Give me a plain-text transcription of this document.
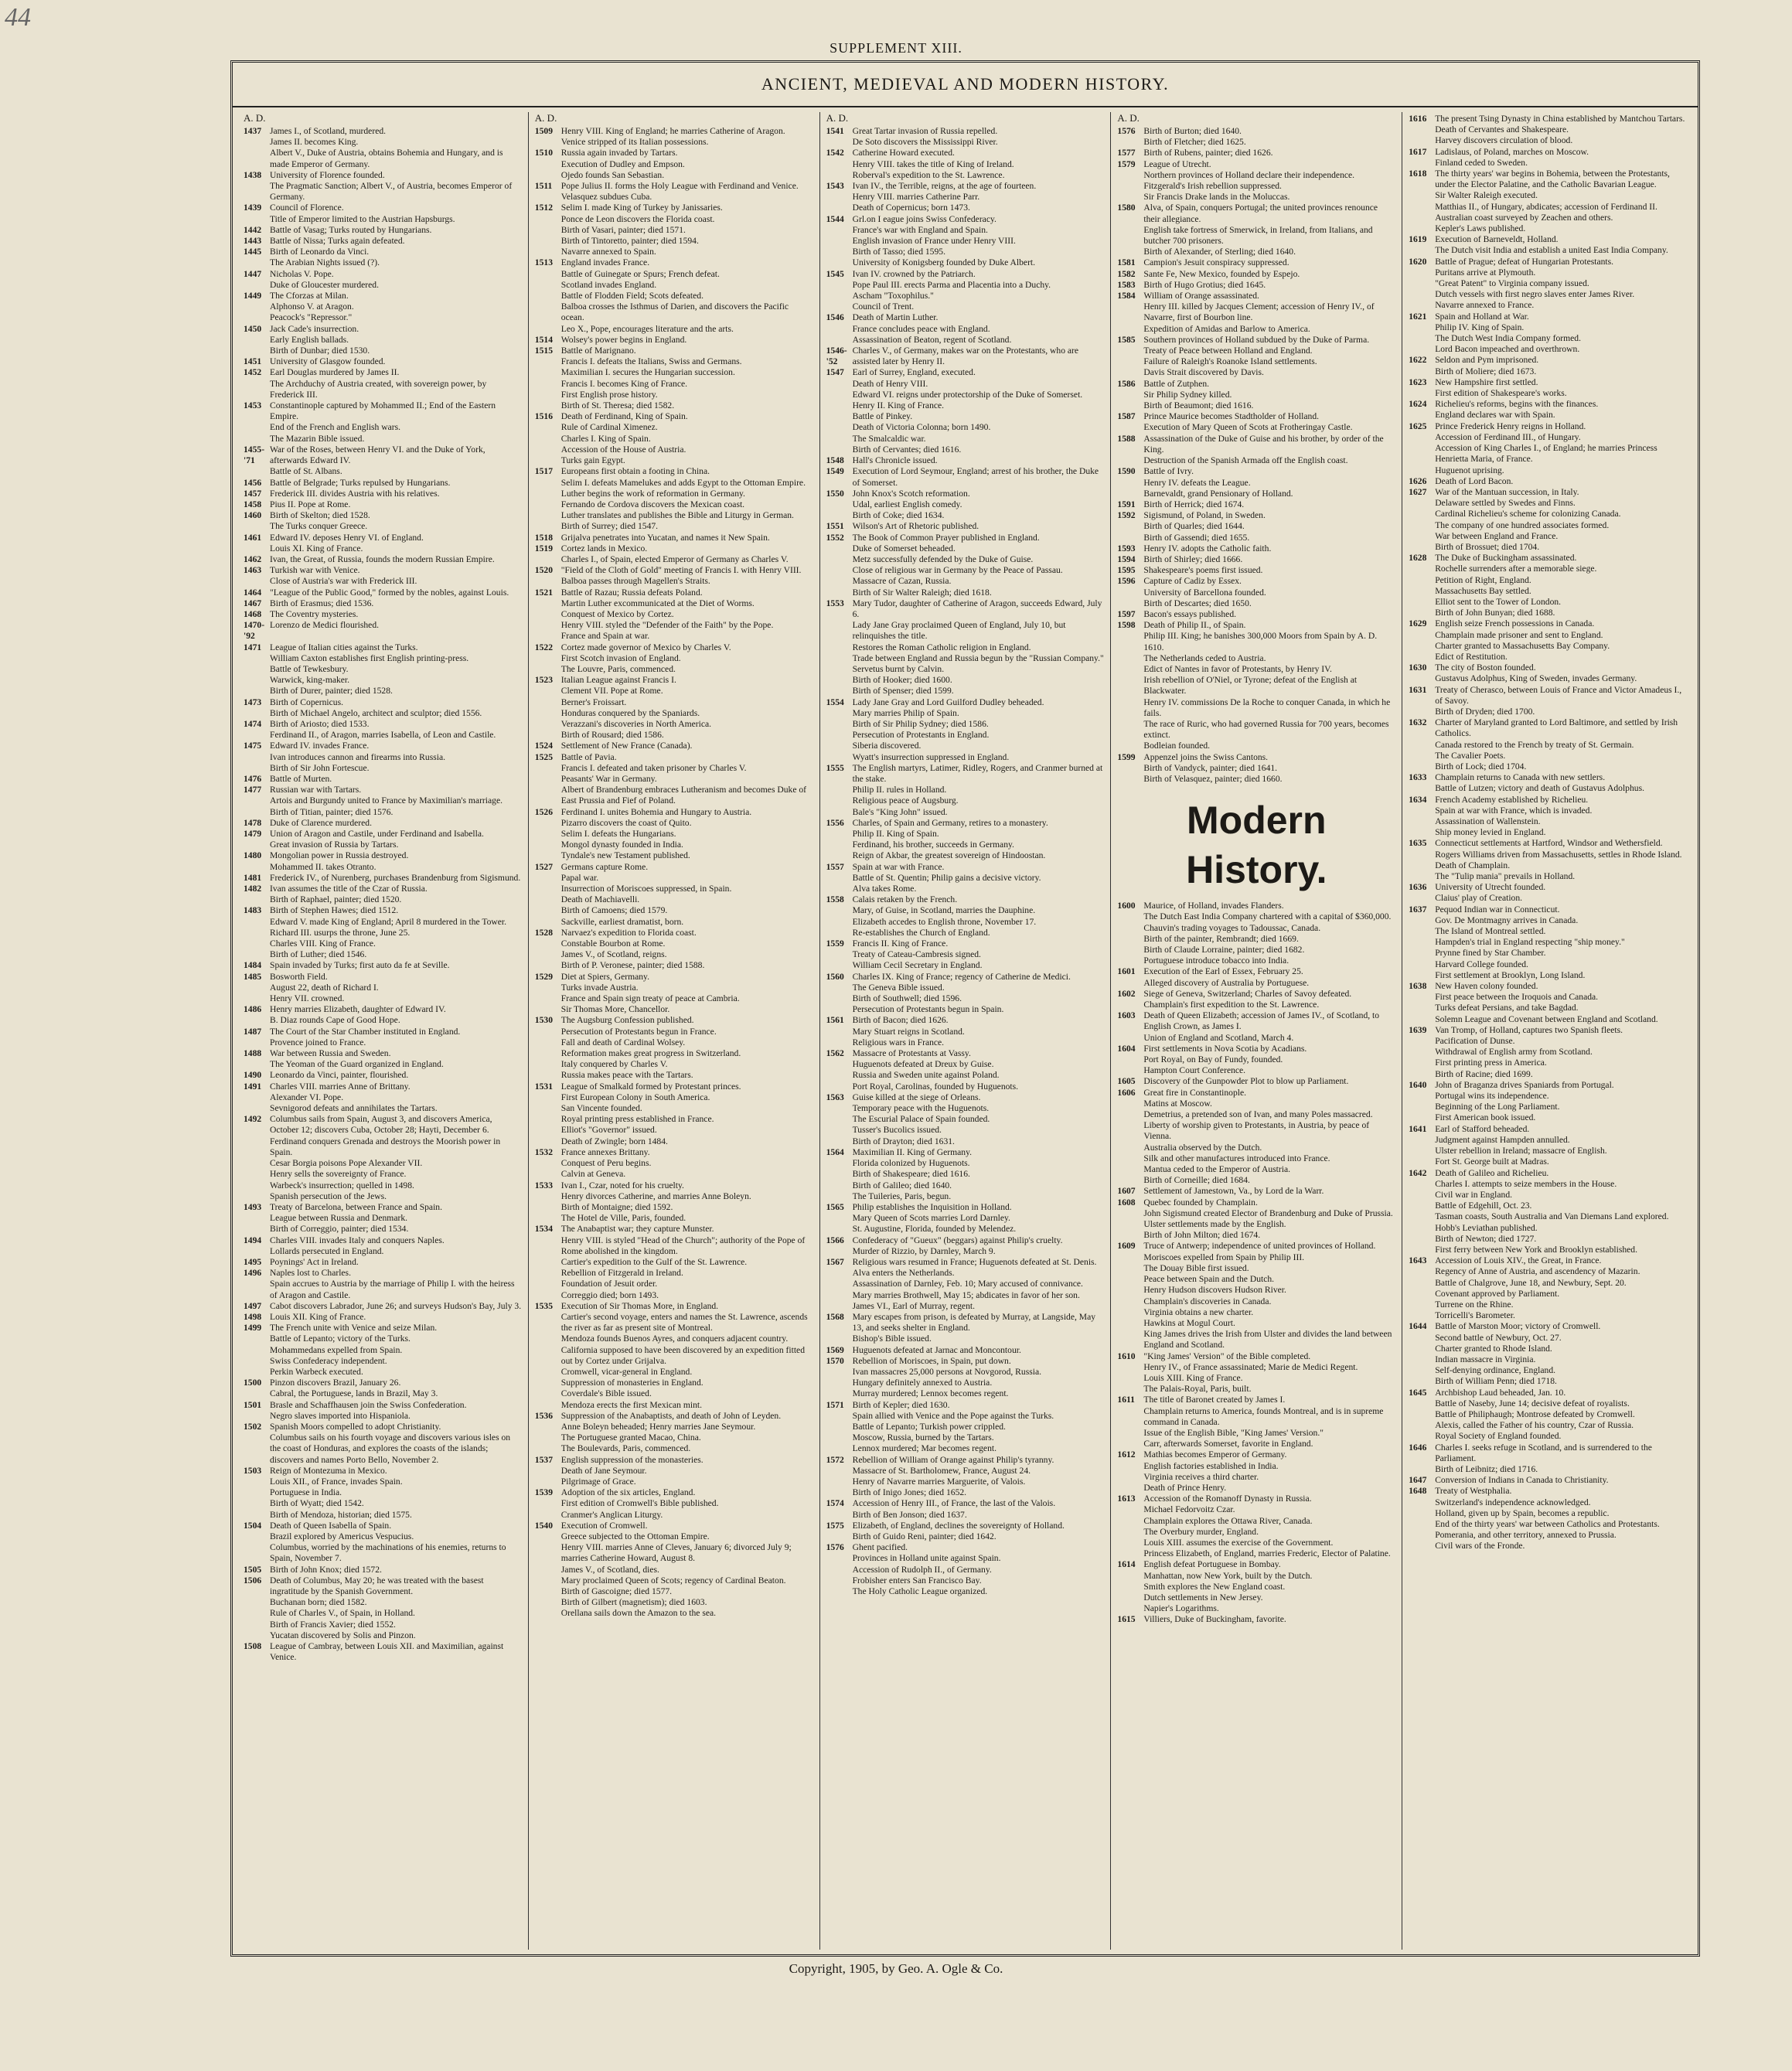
44
SUPPLEMENT XIII.
ANCIENT, MEDIEVAL AND MODERN HISTORY.
A. D.
1437 James I., of Scotland, murdered.
James II. becomes King.
Albert V., Duke of Austria, obtains Bohemia and Hungary, and is made Emperor of Germany.
1438 University of Florence founded.
The Pragmatic Sanction; Albert V., of Austria, becomes Emperor of Germany.
1439 Council of Florence.
Title of Emperor limited to the Austrian Hapsburgs.
1442 Battle of Vasag; Turks routed by Hungarians.
1443 Battle of Nissa; Turks again defeated.
1445 Birth of Leonardo da Vinci.
The Arabian Nights issued (?).
1447 Nicholas V. Pope.
Duke of Gloucester murdered.
1449 The Cforzas at Milan.
Alphonso V. at Aragon.
Peacock's "Repressor."
1450 Jack Cade's insurrection.
Early English ballads.
Birth of Dunbar; died 1530.
1451 University of Glasgow founded.
1452 Earl Douglas murdered by James II.
The Archduchy of Austria created, with sovereign power, by Frederick III.
1453 Constantinople captured by Mohammed II.; End of the Eastern Empire.
End of the French and English wars.
The Mazarin Bible issued.
1455-'71
War of the Roses, between Henry VI. and the Duke of York, afterwards Edward IV.
Battle of St. Albans.
1456 Battle of Belgrade; Turks repulsed by Hungarians.
1457 Frederick III. divides Austria with his relatives.
1458 Pius II. Pope at Rome.
1460 Birth of Skelton; died 1528.
The Turks conquer Greece.
1461 Edward IV. deposes Henry VI. of England.
Louis XI. King of France.
1462 Ivan, the Great, of Russia, founds the modern Russian Empire.
1463 Turkish war with Venice.
Close of Austria's war with Frederick III.
1464 "League of the Public Good," formed by the nobles, against Louis.
1467 Birth of Erasmus; died 1536.
1468 The Coventry mysteries.
1470-'92
Lorenzo de Medici flourished.
1471 League of Italian cities against the Turks.
William Caxton establishes first English printing-press.
Battle of Tewkesbury.
Warwick, king-maker.
Birth of Durer, painter; died 1528.
1473 Birth of Copernicus.
Birth of Michael Angelo, architect and sculptor; died 1556.
1474 Birth of Ariosto; died 1533.
Ferdinand II., of Aragon, marries Isabella, of Leon and Castile.
1475 Edward IV. invades France.
Ivan introduces cannon and firearms into Russia.
Birth of Sir John Fortescue.
1476 Battle of Murten.
1477 Russian war with Tartars.
Artois and Burgundy united to France by Maximilian's marriage.
Birth of Titian, painter; died 1576.
1478 Duke of Clarence murdered.
1479 Union of Aragon and Castile, under Ferdinand and Isabella.
Great invasion of Russia by Tartars.
1480 Mongolian power in Russia destroyed.
Mohammed II. takes Otranto.
1481 Frederick IV., of Nurenberg, purchases Brandenburg from Sigismund.
1482 Ivan assumes the title of the Czar of Russia.
Birth of Raphael, painter; died 1520.
1483 Birth of Stephen Hawes; died 1512.
Edward V. made King of England; April 8 murdered in the Tower.
Richard III. usurps the throne, June 25.
Charles VIII. King of France.
Birth of Luther; died 1546.
1484 Spain invaded by Turks; first auto da fe at Seville.
1485 Bosworth Field.
August 22, death of Richard I.
Henry VII. crowned.
1486 Henry marries Elizabeth, daughter of Edward IV.
B. Diaz rounds Cape of Good Hope.
1487 The Court of the Star Chamber instituted in England.
Provence joined to France.
1488 War between Russia and Sweden.
The Yeoman of the Guard organized in England.
1490 Leonardo da Vinci, painter, flourished.
1491 Charles VIII. marries Anne of Brittany.
Alexander VI. Pope.
Sevnigorod defeats and annihilates the Tartars.
1492 Columbus sails from Spain, August 3, and discovers America, October 12; discovers Cuba, October 28; Hayti, December 6.
Ferdinand conquers Grenada and destroys the Moorish power in Spain.
Cesar Borgia poisons Pope Alexander VII.
Henry sells the sovereignty of France.
Warbeck's insurrection; quelled in 1498.
Spanish persecution of the Jews.
1493 Treaty of Barcelona, between France and Spain.
League between Russia and Denmark.
Birth of Correggio, painter; died 1534.
1494 Charles VIII. invades Italy and conquers Naples.
Lollards persecuted in England.
1495 Poynings' Act in Ireland.
1496 Naples lost to Charles.
Spain accrues to Austria by the marriage of Philip I. with the heiress of Aragon and Castile.
1497 Cabot discovers Labrador, June 26; and surveys Hudson's Bay, July 3.
1498 Louis XII. King of France.
1499 The French unite with Venice and seize Milan.
Battle of Lepanto; victory of the Turks.
Mohammedans expelled from Spain.
Swiss Confederacy independent.
Perkin Warbeck executed.
1500 Pinzon discovers Brazil, January 26.
Cabral, the Portuguese, lands in Brazil, May 3.
1501 Brasle and Schaffhausen join the Swiss Confederation.
Negro slaves imported into Hispaniola.
1502 Spanish Moors compelled to adopt Christianity.
Columbus sails on his fourth voyage and discovers various isles on the coast of Honduras, and explores the coasts of the islands; discovers and names Porto Bello, November 2.
1503 Reign of Montezuma in Mexico.
Louis XII., of France, invades Spain.
Portuguese in India.
Birth of Wyatt; died 1542.
Birth of Mendoza, historian; died 1575.
1504 Death of Queen Isabella of Spain.
Brazil explored by Americus Vespucius.
Columbus, worried by the machinations of his enemies, returns to Spain, November 7.
1505 Birth of John Knox; died 1572.
1506 Death of Columbus, May 20; he was treated with the basest ingratitude by the Spanish Government.
Buchanan born; died 1582.
Rule of Charles V., of Spain, in Holland.
Birth of Francis Xavier; died 1552.
Yucatan discovered by Solis and Pinzon.
1508 League of Cambray, between Louis XII. and Maximilian, against Venice.
A. D.
1509 Henry VIII. King of England; he marries Catherine of Aragon.
Venice stripped of its Italian possessions.
1510 Russia again invaded by Tartars.
Execution of Dudley and Empson.
Ojedo founds San Sebastian.
1511 Pope Julius II. forms the Holy League with Ferdinand and Venice.
Velasquez subdues Cuba.
1512 Selim I. made King of Turkey by Janissaries.
Ponce de Leon discovers the Florida coast.
Birth of Vasari, painter; died 1571.
Birth of Tintoretto, painter; died 1594.
Navarre annexed to Spain.
1513 England invades France.
Battle of Guinegate or Spurs; French defeat.
Scotland invades England.
Battle of Flodden Field; Scots defeated.
Balboa crosses the Isthmus of Darien, and discovers the Pacific ocean.
Leo X., Pope, encourages literature and the arts.
1514 Wolsey's power begins in England.
1515 Battle of Marignano.
Francis I. defeats the Italians, Swiss and Germans.
Maximilian I. secures the Hungarian succession.
Francis I. becomes King of France.
First English prose history.
Birth of St. Theresa; died 1582.
1516 Death of Ferdinand, King of Spain.
Rule of Cardinal Ximenez.
Charles I. King of Spain.
Accession of the House of Austria.
Turks gain Egypt.
1517 Europeans first obtain a footing in China.
Selim I. defeats Mamelukes and adds Egypt to the Ottoman Empire.
Luther begins the work of reformation in Germany.
Fernando de Cordova discovers the Mexican coast.
Luther translates and publishes the Bible and Liturgy in German.
Birth of Surrey; died 1547.
1518 Grijalva penetrates into Yucatan, and names it New Spain.
1519 Cortez lands in Mexico.
Charles I., of Spain, elected Emperor of Germany as Charles V.
1520 "Field of the Cloth of Gold" meeting of Francis I. with Henry VIII.
Balboa passes through Magellen's Straits.
1521 Battle of Razau; Russia defeats Poland.
Martin Luther excommunicated at the Diet of Worms.
Conquest of Mexico by Cortez.
Henry VIII. styled the "Defender of the Faith" by the Pope.
France and Spain at war.
1522 Cortez made governor of Mexico by Charles V.
First Scotch invasion of England.
The Louvre, Paris, commenced.
1523 Italian League against Francis I.
Clement VII. Pope at Rome.
Berner's Froissart.
Honduras conquered by the Spaniards.
Verazzani's discoveries in North America.
Birth of Rousard; died 1586.
1524 Settlement of New France (Canada).
1525 Battle of Pavia.
Francis I. defeated and taken prisoner by Charles V.
Peasants' War in Germany.
Albert of Brandenburg embraces Lutheranism and becomes Duke of East Prussia and Fief of Poland.
1526 Ferdinand I. unites Bohemia and Hungary to Austria.
Pizarro discovers the coast of Quito.
Selim I. defeats the Hungarians.
Mongol dynasty founded in India.
Tyndale's new Testament published.
1527 Germans capture Rome.
Papal war.
Insurrection of Moriscoes suppressed, in Spain.
Death of Machiavelli.
Birth of Camoens; died 1579.
Sackville, earliest dramatist, born.
1528 Narvaez's expedition to Florida coast.
Constable Bourbon at Rome.
James V., of Scotland, reigns.
Birth of P. Veronese, painter; died 1588.
1529 Diet at Spiers, Germany.
Turks invade Austria.
France and Spain sign treaty of peace at Cambria.
Sir Thomas More, Chancellor.
1530 The Augsburg Confession published.
Persecution of Protestants begun in France.
Fall and death of Cardinal Wolsey.
Reformation makes great progress in Switzerland.
Italy conquered by Charles V.
Russia makes peace with the Tartars.
1531 League of Smalkald formed by Protestant princes.
First European Colony in South America.
San Vincente founded.
Royal printing press established in France.
Elliot's "Governor" issued.
Death of Zwingle; born 1484.
1532 France annexes Brittany.
Conquest of Peru begins.
Calvin at Geneva.
1533 Ivan I., Czar, noted for his cruelty.
Henry divorces Catherine, and marries Anne Boleyn.
Birth of Montaigne; died 1592.
The Hotel de Ville, Paris, founded.
1534 The Anabaptist war; they capture Munster.
Henry VIII. is styled "Head of the Church"; authority of the Pope of Rome abolished in the kingdom.
Cartier's expedition to the Gulf of the St. Lawrence.
Rebellion of Fitzgerald in Ireland.
Foundation of Jesuit order.
Correggio died; born 1493.
1535 Execution of Sir Thomas More, in England.
Cartier's second voyage, enters and names the St. Lawrence, ascends the river as far as present site of Montreal.
Mendoza founds Buenos Ayres, and conquers adjacent country.
California supposed to have been discovered by an expedition fitted out by Cortez under Grijalva.
Cromwell, vicar-general in England.
Suppression of monasteries in England.
Coverdale's Bible issued.
Mendoza erects the first Mexican mint.
1536 Suppression of the Anabaptists, and death of John of Leyden.
Anne Boleyn beheaded; Henry marries Jane Seymour.
The Portuguese granted Macao, China.
The Boulevards, Paris, commenced.
1537 English suppression of the monasteries.
Death of Jane Seymour.
Pilgrimage of Grace.
1539 Adoption of the six articles, England.
First edition of Cromwell's Bible published.
Cranmer's Anglican Liturgy.
1540 Execution of Cromwell.
Greece subjected to the Ottoman Empire.
Henry VIII. marries Anne of Cleves, January 6; divorced July 9; marries Catherine Howard, August 8.
James V., of Scotland, dies.
Mary proclaimed Queen of Scots; regency of Cardinal Beaton.
Birth of Gascoigne; died 1577.
Birth of Gilbert (magnetism); died 1603.
Orellana sails down the Amazon to the sea.
A. D.
1541 Great Tartar invasion of Russia repelled.
De Soto discovers the Mississippi River.
1542 Catherine Howard executed.
Henry VIII. takes the title of King of Ireland.
Roberval's expedition to the St. Lawrence.
1543 Ivan IV., the Terrible, reigns, at the age of fourteen.
Henry VIII. marries Catherine Parr.
Death of Copernicus; born 1473.
1544 Grl.on I eague joins Swiss Confederacy.
France's war with England and Spain.
English invasion of France under Henry VIII.
Birth of Tasso; died 1595.
University of Konigsberg founded by Duke Albert.
1545 Ivan IV. crowned by the Patriarch.
Pope Paul III. erects Parma and Placentia into a Duchy.
Ascham "Toxophilus."
Council of Trent.
1546 Death of Martin Luther.
France concludes peace with England.
Assassination of Beaton, regent of Scotland.
1546-'52
Charles V., of Germany, makes war on the Protestants, who are assisted later by Henry II.
1547 Earl of Surrey, England, executed.
Death of Henry VIII.
Edward VI. reigns under protectorship of the Duke of Somerset.
Henry II. King of France.
Battle of Pinkey.
Death of Victoria Colonna; born 1490.
The Smalcaldic war.
Birth of Cervantes; died 1616.
1548 Hall's Chronicle issued.
1549 Execution of Lord Seymour, England; arrest of his brother, the Duke of Somerset.
1550 John Knox's Scotch reformation.
Udal, earliest English comedy.
Birth of Coke; died 1634.
1551 Wilson's Art of Rhetoric published.
1552 The Book of Common Prayer published in England.
Duke of Somerset beheaded.
Metz successfully defended by the Duke of Guise.
Close of religious war in Germany by the Peace of Passau.
Massacre of Cazan, Russia.
Birth of Sir Walter Raleigh; died 1618.
1553 Mary Tudor, daughter of Catherine of Aragon, succeeds Edward, July 6.
Lady Jane Gray proclaimed Queen of England, July 10, but relinquishes the title.
Restores the Roman Catholic religion in England.
Trade between England and Russia begun by the "Russian Company."
Servetus burnt by Calvin.
Birth of Hooker; died 1600.
Birth of Spenser; died 1599.
1554 Lady Jane Gray and Lord Guilford Dudley beheaded.
Mary marries Philip of Spain.
Birth of Sir Philip Sydney; died 1586.
Persecution of Protestants in England.
Siberia discovered.
Wyatt's insurrection suppressed in England.
1555 The English martyrs, Latimer, Ridley, Rogers, and Cranmer burned at the stake.
Philip II. rules in Holland.
Religious peace of Augsburg.
Bale's "King John" issued.
1556 Charles, of Spain and Germany, retires to a monastery.
Philip II. King of Spain.
Ferdinand, his brother, succeeds in Germany.
Reign of Akbar, the greatest sovereign of Hindoostan.
1557 Spain at war with France.
Battle of St. Quentin; Philip gains a decisive victory.
Alva takes Rome.
1558 Calais retaken by the French.
Mary, of Guise, in Scotland, marries the Dauphine.
Elizabeth accedes to English throne, November 17.
Re-establishes the Church of England.
1559 Francis II. King of France.
Treaty of Cateau-Cambresis signed.
William Cecil Secretary in England.
1560 Charles IX. King of France; regency of Catherine de Medici.
The Geneva Bible issued.
Birth of Southwell; died 1596.
Persecution of Protestants begun in Spain.
1561 Birth of Bacon; died 1626.
Mary Stuart reigns in Scotland.
Religious wars in France.
1562 Massacre of Protestants at Vassy.
Huguenots defeated at Dreux by Guise.
Russia and Sweden unite against Poland.
Port Royal, Carolinas, founded by Huguenots.
1563 Guise killed at the siege of Orleans.
Temporary peace with the Huguenots.
The Escurial Palace of Spain founded.
Tusser's Bucolics issued.
Birth of Drayton; died 1631.
1564 Maximilian II. King of Germany.
Florida colonized by Huguenots.
Birth of Shakespeare; died 1616.
Birth of Galileo; died 1640.
The Tuileries, Paris, begun.
1565 Philip establishes the Inquisition in Holland.
Mary Queen of Scots marries Lord Darnley.
St. Augustine, Florida, founded by Melendez.
1566 Confederacy of "Gueux" (beggars) against Philip's cruelty.
Murder of Rizzio, by Darnley, March 9.
1567 Religious wars resumed in France; Huguenots defeated at St. Denis.
Alva enters the Netherlands.
Assassination of Darnley, Feb. 10; Mary accused of connivance.
Mary marries Brothwell, May 15; abdicates in favor of her son.
James VI., Earl of Murray, regent.
1568 Mary escapes from prison, is defeated by Murray, at Langside, May 13, and seeks shelter in England.
Bishop's Bible issued.
1569 Huguenots defeated at Jarnac and Moncontour.
1570 Rebellion of Moriscoes, in Spain, put down.
Ivan massacres 25,000 persons at Novgorod, Russia.
Hungary definitely annexed to Austria.
Murray murdered; Lennox becomes regent.
1571 Birth of Kepler; died 1630.
Spain allied with Venice and the Pope against the Turks.
Battle of Lepanto; Turkish power crippled.
Moscow, Russia, burned by the Tartars.
Lennox murdered; Mar becomes regent.
1572 Rebellion of William of Orange against Philip's tyranny.
Massacre of St. Bartholomew, France, August 24.
Henry of Navarre marries Marguerite, of Valois.
Birth of Inigo Jones; died 1652.
1574 Accession of Henry III., of France, the last of the Valois.
Birth of Ben Jonson; died 1637.
1575 Elizabeth, of England, declines the sovereignty of Holland.
Birth of Guido Reni, painter; died 1642.
1576 Ghent pacified.
Provinces in Holland unite against Spain.
Accession of Rudolph II., of Germany.
Frobisher enters San Francisco Bay.
The Holy Catholic League organized.
A. D.
1576 Birth of Burton; died 1640.
Birth of Fletcher; died 1625.
1577 Birth of Rubens, painter; died 1626.
1579 League of Utrecht.
Northern provinces of Holland declare their independence.
Fitzgerald's Irish rebellion suppressed.
Sir Francis Drake lands in the Moluccas.
1580 Alva, of Spain, conquers Portugal; the united provinces renounce their allegiance.
English take fortress of Smerwick, in Ireland, from Italians, and butcher 700 prisoners.
Birth of Alexander, of Sterling; died 1640.
1581 Campion's Jesuit conspiracy suppressed.
1582 Sante Fe, New Mexico, founded by Espejo.
1583 Birth of Hugo Grotius; died 1645.
1584 William of Orange assassinated.
Henry III. killed by Jacques Clement; accession of Henry IV., of Navarre, first of Bourbon line.
Expedition of Amidas and Barlow to America.
1585 Southern provinces of Holland subdued by the Duke of Parma.
Treaty of Peace between Holland and England.
Failure of Raleigh's Roanoke Island settlements.
Davis Strait discovered by Davis.
1586 Battle of Zutphen.
Sir Philip Sydney killed.
Birth of Beaumont; died 1616.
1587 Prince Maurice becomes Stadtholder of Holland.
Execution of Mary Queen of Scots at Frotheringay Castle.
1588 Assassination of the Duke of Guise and his brother, by order of the King.
Destruction of the Spanish Armada off the English coast.
1590 Battle of Ivry.
Henry IV. defeats the League.
Barnevaldt, grand Pensionary of Holland.
1591 Birth of Herrick; died 1674.
1592 Sigismund, of Poland, in Sweden.
Birth of Quarles; died 1644.
Birth of Gassendi; died 1655.
1593 Henry IV. adopts the Catholic faith.
1594 Birth of Shirley; died 1666.
1595 Shakespeare's poems first issued.
1596 Capture of Cadiz by Essex.
University of Barcellona founded.
Birth of Descartes; died 1650.
1597 Bacon's essays published.
1598 Death of Philip II., of Spain.
Philip III. King; he banishes 300,000 Moors from Spain by A. D. 1610.
The Netherlands ceded to Austria.
Edict of Nantes in favor of Protestants, by Henry IV.
Irish rebellion of O'Niel, or Tyrone; defeat of the English at Blackwater.
Henry IV. commissions De la Roche to conquer Canada, in which he fails.
The race of Ruric, who had governed Russia for 700 years, becomes extinct.
Bodleian founded.
1599 Appenzel joins the Swiss Cantons.
Birth of Vandyck, painter; died 1641.
Birth of Velasquez, painter; died 1660.
Modern History.
1600 Maurice, of Holland, invades Flanders.
The Dutch East India Company chartered with a capital of $360,000.
Chauvin's trading voyages to Tadoussac, Canada.
Birth of the painter, Rembrandt; died 1669.
Birth of Claude Lorraine, painter; died 1682.
Portuguese introduce tobacco into India.
1601 Execution of the Earl of Essex, February 25.
Alleged discovery of Australia by Portuguese.
1602 Siege of Geneva, Switzerland; Charles of Savoy defeated.
Champlain's first expedition to the St. Lawrence.
1603 Death of Queen Elizabeth; accession of James IV., of Scotland, to English Crown, as James I.
Union of England and Scotland, March 4.
1604 First settlements in Nova Scotia by Acadians.
Port Royal, on Bay of Fundy, founded.
Hampton Court Conference.
1605 Discovery of the Gunpowder Plot to blow up Parliament.
1606 Great fire in Constantinople.
Matins at Moscow.
Demetrius, a pretended son of Ivan, and many Poles massacred.
Liberty of worship given to Protestants, in Austria, by peace of Vienna.
Australia observed by the Dutch.
Silk and other manufactures introduced into France.
Mantua ceded to the Emperor of Austria.
Birth of Corneille; died 1684.
1607 Settlement of Jamestown, Va., by Lord de la Warr.
1608 Quebec founded by Champlain.
John Sigismund created Elector of Brandenburg and Duke of Prussia.
Ulster settlements made by the English.
Birth of John Milton; died 1674.
1609 Truce of Antwerp; independence of united provinces of Holland.
Moriscoes expelled from Spain by Philip III.
The Douay Bible first issued.
Peace between Spain and the Dutch.
Henry Hudson discovers Hudson River.
Champlain's discoveries in Canada.
Virginia obtains a new charter.
Hawkins at Mogul Court.
King James drives the Irish from Ulster and divides the land between England and Scotland.
1610 "King James' Version" of the Bible completed.
Henry IV., of France assassinated; Marie de Medici Regent.
Louis XIII. King of France.
The Palais-Royal, Paris, built.
1611 The title of Baronet created by James I.
Champlain returns to America, founds Montreal, and is in supreme command in Canada.
Issue of the English Bible, "King James' Version."
Carr, afterwards Somerset, favorite in England.
1612 Mathias becomes Emperor of Germany.
English factories established in India.
Virginia receives a third charter.
Death of Prince Henry.
1613 Accession of the Romanoff Dynasty in Russia.
Michael Fedorvoitz Czar.
Champlain explores the Ottawa River, Canada.
The Overbury murder, England.
Louis XIII. assumes the exercise of the Government.
Princess Elizabeth, of England, marries Frederic, Elector of Palatine.
1614 English defeat Portuguese in Bombay.
Manhattan, now New York, built by the Dutch.
Smith explores the New England coast.
Dutch settlements in New Jersey.
Napier's Logarithms.
1615 Villiers, Duke of Buckingham, favorite.
1616 The present Tsing Dynasty in China established by Mantchou Tartars.
Death of Cervantes and Shakespeare.
Harvey discovers circulation of blood.
1617 Ladislaus, of Poland, marches on Moscow.
Finland ceded to Sweden.
1618 The thirty years' war begins in Bohemia, between the Protestants, under the Elector Palatine, and the Catholic Bavarian League.
Sir Walter Raleigh executed.
Matthias II., of Hungary, abdicates; accession of Ferdinand II.
Australian coast surveyed by Zeachen and others.
Kepler's Laws published.
1619 Execution of Barneveldt, Holland.
The Dutch visit India and establish a united East India Company.
1620 Battle of Prague; defeat of Hungarian Protestants.
Puritans arrive at Plymouth.
"Great Patent" to Virginia company issued.
Dutch vessels with first negro slaves enter James River.
Navarre annexed to France.
1621 Spain and Holland at War.
Philip IV. King of Spain.
The Dutch West India Company formed.
Lord Bacon impeached and overthrown.
1622 Seldon and Pym imprisoned.
Birth of Moliere; died 1673.
1623 New Hampshire first settled.
First edition of Shakespeare's works.
1624 Richelieu's reforms, begins with the finances.
England declares war with Spain.
1625 Prince Frederick Henry reigns in Holland.
Accession of Ferdinand III., of Hungary.
Accession of King Charles I., of England; he marries Princess Henrietta Maria, of France.
Huguenot uprising.
1626 Death of Lord Bacon.
1627 War of the Mantuan succession, in Italy.
Delaware settled by Swedes and Finns.
Cardinal Richelieu's scheme for colonizing Canada.
The company of one hundred associates formed.
War between England and France.
Birth of Brossuet; died 1704.
1628 The Duke of Buckingham assassinated.
Rochelle surrenders after a memorable siege.
Petition of Right, England.
Massachusetts Bay settled.
Elliot sent to the Tower of London.
Birth of John Bunyan; died 1688.
1629 English seize French possessions in Canada.
Champlain made prisoner and sent to England.
Charter granted to Massachusetts Bay Company.
Edict of Restitution.
1630 The city of Boston founded.
Gustavus Adolphus, King of Sweden, invades Germany.
1631 Treaty of Cherasco, between Louis of France and Victor Amadeus I., of Savoy.
Birth of Dryden; died 1700.
1632 Charter of Maryland granted to Lord Baltimore, and settled by Irish Catholics.
Canada restored to the French by treaty of St. Germain.
The Cavalier Poets.
Birth of Lock; died 1704.
1633 Champlain returns to Canada with new settlers.
Battle of Lutzen; victory and death of Gustavus Adolphus.
1634 French Academy established by Richelieu.
Spain at war with France, which is invaded.
Assassination of Wallenstein.
Ship money levied in England.
1635 Connecticut settlements at Hartford, Windsor and Wethersfield.
Rogers Williams driven from Massachusetts, settles in Rhode Island.
Death of Champlain.
The "Tulip mania" prevails in Holland.
1636 University of Utrecht founded.
Claius' play of Creation.
1637 Pequod Indian war in Connecticut.
Gov. De Montmagny arrives in Canada.
The Island of Montreal settled.
Hampden's trial in England respecting "ship money."
Prynne fined by Star Chamber.
Harvard College founded.
First settlement at Brooklyn, Long Island.
1638 New Haven colony founded.
First peace between the Iroquois and Canada.
Turks defeat Persians, and take Bagdad.
Solemn League and Covenant between England and Scotland.
1639 Van Tromp, of Holland, captures two Spanish fleets.
Pacification of Dunse.
Withdrawal of English army from Scotland.
First printing press in America.
Birth of Racine; died 1699.
1640 John of Braganza drives Spaniards from Portugal.
Portugal wins its independence.
Beginning of the Long Parliament.
First American book issued.
1641 Earl of Stafford beheaded.
Judgment against Hampden annulled.
Ulster rebellion in Ireland; massacre of English.
Fort St. George built at Madras.
1642 Death of Galileo and Richelieu.
Charles I. attempts to seize members in the House.
Civil war in England.
Battle of Edgehill, Oct. 23.
Tasman coasts, South Australia and Van Diemans Land explored.
Hobb's Leviathan published.
Birth of Newton; died 1727.
First ferry between New York and Brooklyn established.
1643 Accession of Louis XIV., the Great, in France.
Regency of Anne of Austria, and ascendency of Mazarin.
Battle of Chalgrove, June 18, and Newbury, Sept. 20.
Covenant approved by Parliament.
Turrene on the Rhine.
Torricelli's Barometer.
1644 Battle of Marston Moor; victory of Cromwell.
Second battle of Newbury, Oct. 27.
Charter granted to Rhode Island.
Indian massacre in Virginia.
Self-denying ordinance, England.
Birth of William Penn; died 1718.
1645 Archbishop Laud beheaded, Jan. 10.
Battle of Naseby, June 14; decisive defeat of royalists.
Battle of Philiphaugh; Montrose defeated by Cromwell.
Alexis, called the Father of his country, Czar of Russia.
Royal Society of England founded.
1646 Charles I. seeks refuge in Scotland, and is surrendered to the Parliament.
Birth of Leibnitz; died 1716.
1647 Conversion of Indians in Canada to Christianity.
1648 Treaty of Westphalia.
Switzerland's independence acknowledged.
Holland, given up by Spain, becomes a republic.
End of the thirty years' war between Catholics and Protestants.
Pomerania, and other territory, annexed to Prussia.
Civil wars of the Fronde.
Copyright, 1905, by Geo. A. Ogle & Co.
